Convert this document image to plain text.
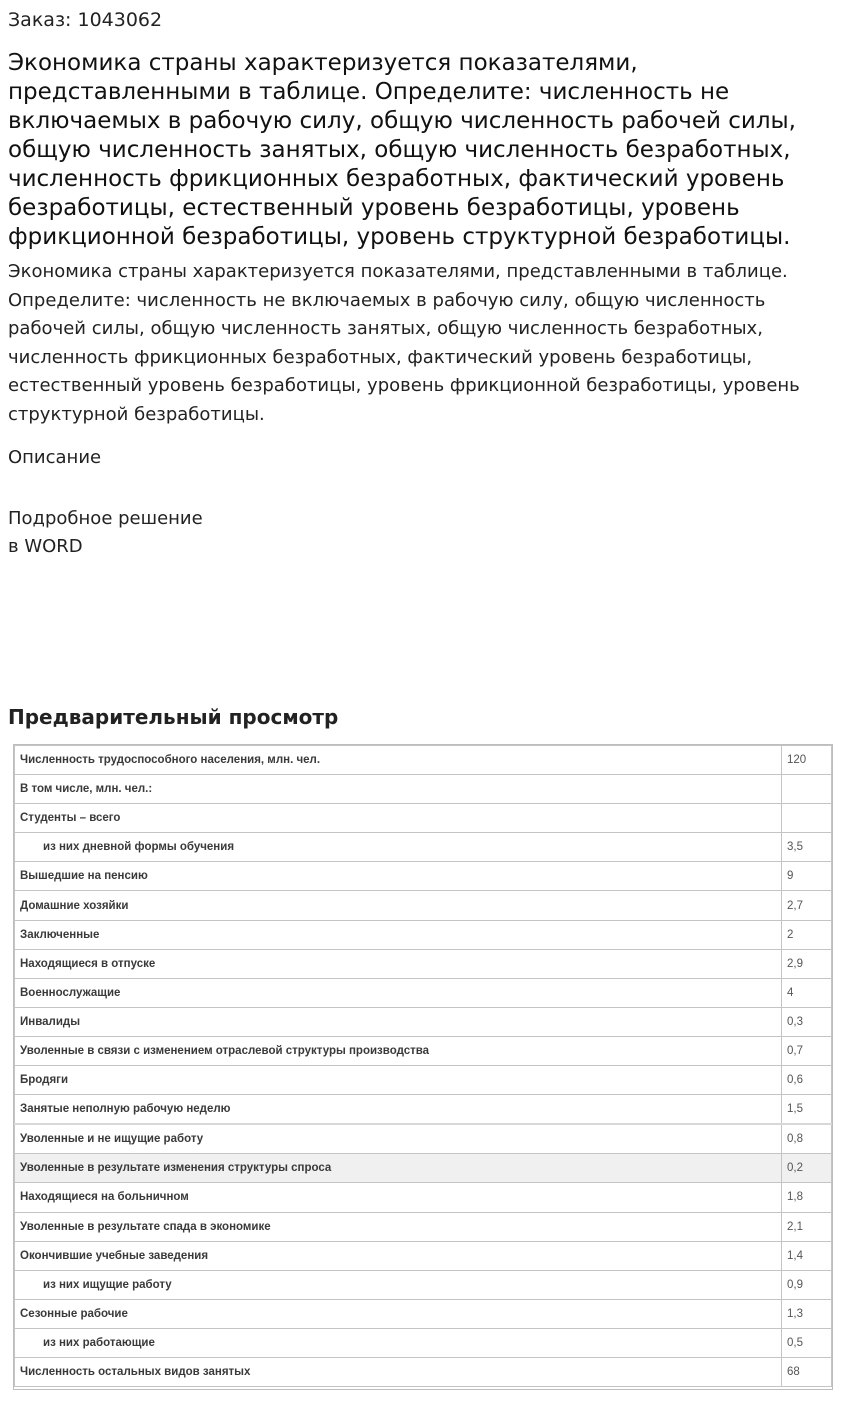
Заказ: 1043062
Экономика страны характеризуется показателями, представленными в таблице. Определите: численность не включаемых в рабочую силу, общую численность рабочей силы, общую численность занятых, общую численность безработных, численность фрикционных безработных, фактический уровень безработицы, естественный уровень безработицы, уровень фрикционной безработицы, уровень структурной безработицы.
Экономика страны характеризуется показателями, представленными в таблице. Определите: численность не включаемых в рабочую силу, общую численность рабочей силы, общую численность занятых, общую численность безработных, численность фрикционных безработных, фактический уровень безработицы, естественный уровень безработицы, уровень фрикционной безработицы, уровень структурной безработицы.
Описание
Подробное решение
в WORD
Предварительный просмотр
Численность трудоспособного населения, млн. чел.	120
В том числе, млн. чел.:	
Студенты – всего	
из них дневной формы обучения	3,5
Вышедшие на пенсию	9
Домашние хозяйки	2,7
Заключенные	2
Находящиеся в отпуске	2,9
Военнослужащие	4
Инвалиды	0,3
Уволенные в связи с изменением отраслевой структуры производства	0,7
Бродяги	0,6
Занятые неполную рабочую неделю	1,5
Уволенные и не ищущие работу	0,8
Уволенные в результате изменения структуры спроса	0,2
Находящиеся на больничном	1,8
Уволенные в результате спада в экономике	2,1
Окончившие учебные заведения	1,4
из них ищущие работу	0,9
Сезонные рабочие	1,3
из них работающие	0,5
Численность остальных видов занятых	68
